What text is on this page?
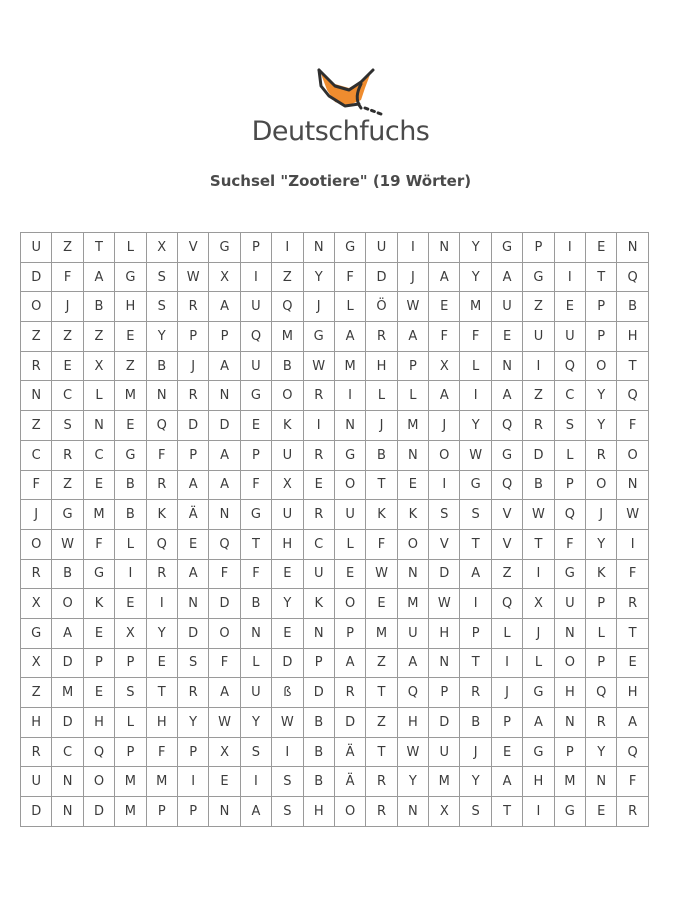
Deutschfuchs
Suchsel "Zootiere" (19 Wörter)
U	Z	T	L	X	V	G	P	I	N	G	U	I	N	Y	G	P	I	E	N
D	F	A	G	S	W	X	I	Z	Y	F	D	J	A	Y	A	G	I	T	Q
O	J	B	H	S	R	A	U	Q	J	L	Ö	W	E	M	U	Z	E	P	B
Z	Z	Z	E	Y	P	P	Q	M	G	A	R	A	F	F	E	U	U	P	H
R	E	X	Z	B	J	A	U	B	W	M	H	P	X	L	N	I	Q	O	T
N	C	L	M	N	R	N	G	O	R	I	L	L	A	I	A	Z	C	Y	Q
Z	S	N	E	Q	D	D	E	K	I	N	J	M	J	Y	Q	R	S	Y	F
C	R	C	G	F	P	A	P	U	R	G	B	N	O	W	G	D	L	R	O
F	Z	E	B	R	A	A	F	X	E	O	T	E	I	G	Q	B	P	O	N
J	G	M	B	K	Ä	N	G	U	R	U	K	K	S	S	V	W	Q	J	W
O	W	F	L	Q	E	Q	T	H	C	L	F	O	V	T	V	T	F	Y	I
R	B	G	I	R	A	F	F	E	U	E	W	N	D	A	Z	I	G	K	F
X	O	K	E	I	N	D	B	Y	K	O	E	M	W	I	Q	X	U	P	R
G	A	E	X	Y	D	O	N	E	N	P	M	U	H	P	L	J	N	L	T
X	D	P	P	E	S	F	L	D	P	A	Z	A	N	T	I	L	O	P	E
Z	M	E	S	T	R	A	U	ß	D	R	T	Q	P	R	J	G	H	Q	H
H	D	H	L	H	Y	W	Y	W	B	D	Z	H	D	B	P	A	N	R	A
R	C	Q	P	F	P	X	S	I	B	Ä	T	W	U	J	E	G	P	Y	Q
U	N	O	M	M	I	E	I	S	B	Ä	R	Y	M	Y	A	H	M	N	F
D	N	D	M	P	P	N	A	S	H	O	R	N	X	S	T	I	G	E	R
